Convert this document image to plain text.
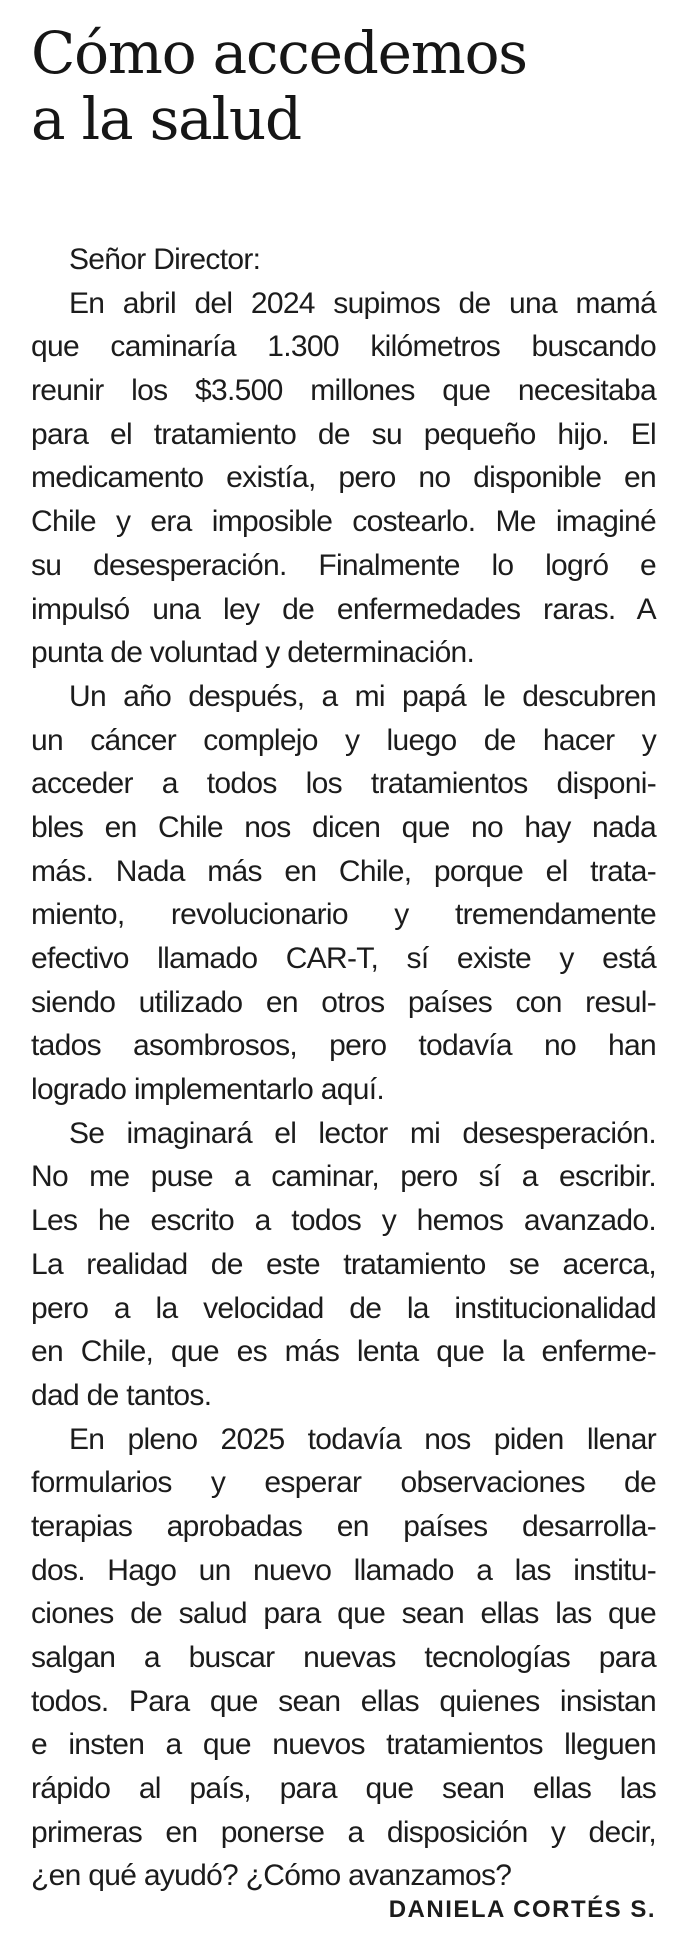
Cómo accedemos
a la salud
Señor Director:
En abril del 2024 supimos de una mamá
que caminaría 1.300 kilómetros buscando
reunir los $3.500 millones que necesitaba
para el tratamiento de su pequeño hijo. El
medicamento existía, pero no disponible en
Chile y era imposible costearlo. Me imaginé
su desesperación. Finalmente lo logró e
impulsó una ley de enfermedades raras. A
punta de voluntad y determinación.
Un año después, a mi papá le descubren
un cáncer complejo y luego de hacer y
acceder a todos los tratamientos disponi-
bles en Chile nos dicen que no hay nada
más. Nada más en Chile, porque el trata-
miento, revolucionario y tremendamente
efectivo llamado CAR-T, sí existe y está
siendo utilizado en otros países con resul-
tados asombrosos, pero todavía no han
logrado implementarlo aquí.
Se imaginará el lector mi desesperación.
No me puse a caminar, pero sí a escribir.
Les he escrito a todos y hemos avanzado.
La realidad de este tratamiento se acerca,
pero a la velocidad de la institucionalidad
en Chile, que es más lenta que la enfermе-
dad de tantos.
En pleno 2025 todavía nos piden llenar
formularios y esperar observaciones de
terapias aprobadas en países desarrolla-
dos. Hago un nuevo llamado a las institu-
ciones de salud para que sean ellas las que
salgan a buscar nuevas tecnologías para
todos. Para que sean ellas quienes insistan
e insten a que nuevos tratamientos lleguen
rápido al país, para que sean ellas las
primeras en ponerse a disposición y decir,
¿en qué ayudó? ¿Cómo avanzamos?
DANIELA CORTÉS S.
